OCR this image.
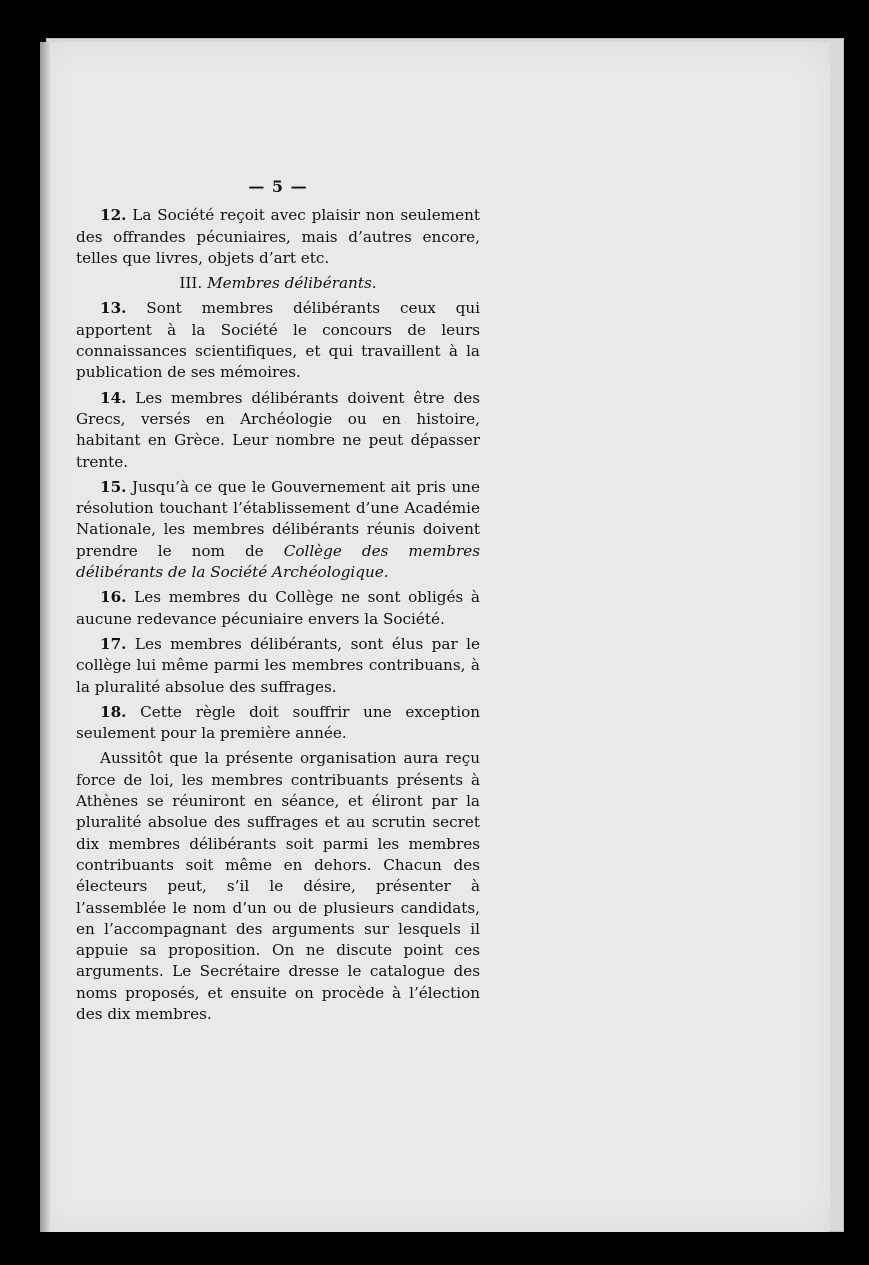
— 5 —

12. La Société reçoit avec plaisir non seulement des offrandes pécuniaires, mais d’autres encore, telles que livres, objets d’art etc.

III. Membres délibérants.

13. Sont membres délibérants ceux qui apportent à la Société le concours de leurs connaissances scientifiques, et qui travaillent à la publication de ses mémoires.

14. Les membres délibérants doivent être des Grecs, versés en Archéologie ou en histoire, habitant en Grèce. Leur nombre ne peut dépasser trente.

15. Jusqu’à ce que le Gouvernement ait pris une résolution touchant l’établissement d’une Académie Nationale, les membres délibérants réunis doivent prendre le nom de Collège des membres délibérants de la Société Archéologique.

16. Les membres du Collège ne sont obligés à aucune redevance pécuniaire envers la Société.

17. Les membres délibérants, sont élus par le collège lui même parmi les membres contribuans, à la pluralité absolue des suffrages.

18. Cette règle doit souffrir une exception seulement pour la première année.

Aussitôt que la présente organisation aura reçu force de loi, les membres contribuants présents à Athènes se réuniront en séance, et éliront par la pluralité absolue des suffrages et au scrutin secret dix membres délibérants soit parmi les membres contribuants soit même en dehors. Chacun des électeurs peut, s’il le désire, présenter à l’assemblée le nom d’un ou de plusieurs candidats, en l’accompagnant des arguments sur lesquels il appuie sa proposition. On ne discute point ces arguments. Le Secrétaire dresse le catalogue des noms proposés, et ensuite on procède à l’élection des dix membres.
